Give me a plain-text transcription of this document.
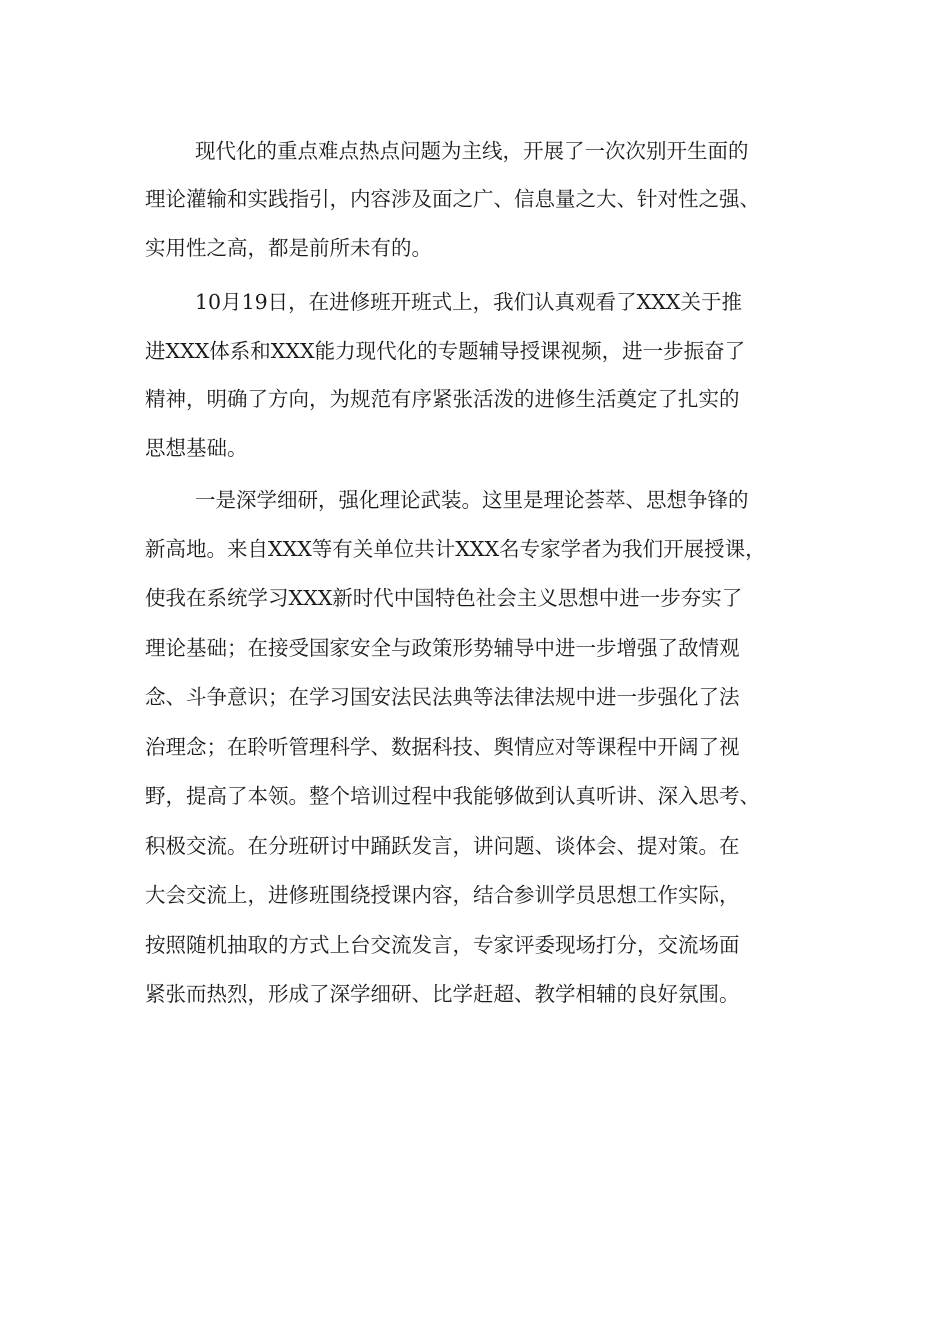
现代化的重点难点热点问题为主线，开展了一次次别开生面的

理论灌输和实践指引，内容涉及面之广、信息量之大、针对性之强、

实用性之高，都是前所未有的。

10月19日，在进修班开班式上，我们认真观看了XXX关于推

进XXX体系和XXX能力现代化的专题辅导授课视频，进一步振奋了

精神，明确了方向，为规范有序紧张活泼的进修生活奠定了扎实的

思想基础。

一是深学细研，强化理论武装。这里是理论荟萃、思想争锋的

新高地。来自XXX等有关单位共计XXX名专家学者为我们开展授课，

使我在系统学习XXX新时代中国特色社会主义思想中进一步夯实了

理论基础；在接受国家安全与政策形势辅导中进一步增强了敌情观

念、斗争意识；在学习国安法民法典等法律法规中进一步强化了法

治理念；在聆听管理科学、数据科技、舆情应对等课程中开阔了视

野，提高了本领。整个培训过程中我能够做到认真听讲、深入思考、

积极交流。在分班研讨中踊跃发言，讲问题、谈体会、提对策。在

大会交流上，进修班围绕授课内容，结合参训学员思想工作实际，

按照随机抽取的方式上台交流发言，专家评委现场打分，交流场面

紧张而热烈，形成了深学细研、比学赶超、教学相辅的良好氛围。
